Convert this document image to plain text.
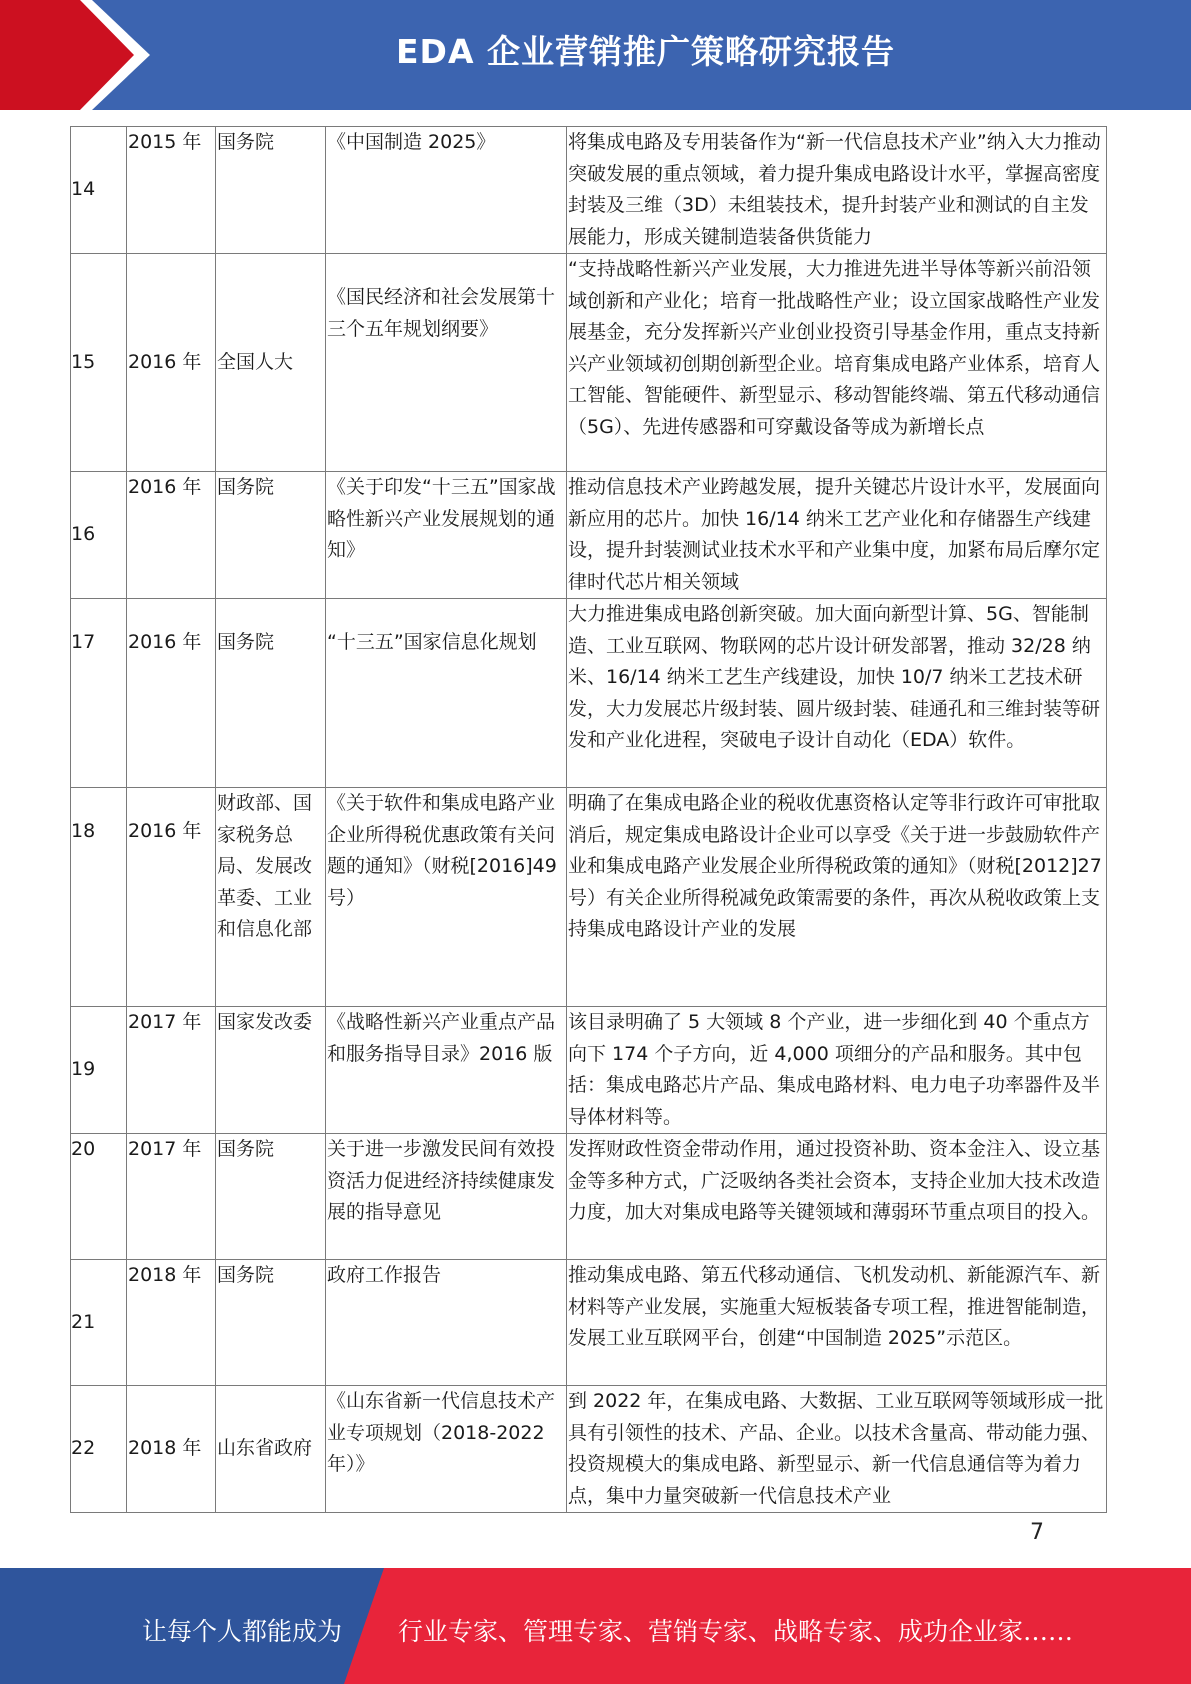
EDA 企业营销推广策略研究报告
14	2015 年	国务院	《中国制造 2025》	将集成电路及专用装备作为“新一代信息技术产业”纳入大力推动突破发展的重点领域，着力提升集成电路设计水平，掌握高密度封装及三维（3D）未组装技术，提升封装产业和测试的自主发展能力，形成关键制造装备供货能力
15	2016 年	全国人大	《国民经济和社会发展第十三个五年规划纲要》	“支持战略性新兴产业发展，大力推进先进半导体等新兴前沿领域创新和产业化；培育一批战略性产业；设立国家战略性产业发展基金，充分发挥新兴产业创业投资引导基金作用，重点支持新兴产业领域初创期创新型企业。培育集成电路产业体系，培育人工智能、智能硬件、新型显示、移动智能终端、第五代移动通信（5G）、先进传感器和可穿戴设备等成为新增长点
16	2016 年	国务院	《关于印发“十三五”国家战略性新兴产业发展规划的通知》	推动信息技术产业跨越发展，提升关键芯片设计水平，发展面向新应用的芯片。加快 16/14 纳米工艺产业化和存储器生产线建设，提升封装测试业技术水平和产业集中度，加紧布局后摩尔定律时代芯片相关领域
17	2016 年	国务院	“十三五”国家信息化规划	大力推进集成电路创新突破。加大面向新型计算、5G、智能制造、工业互联网、物联网的芯片设计研发部署，推动 32/28 纳米、16/14 纳米工艺生产线建设，加快 10/7 纳米工艺技术研发，大力发展芯片级封装、圆片级封装、硅通孔和三维封装等研发和产业化进程，突破电子设计自动化（EDA）软件。
18	2016 年	财政部、国家税务总局、发展改革委、工业和信息化部	《关于软件和集成电路产业企业所得税优惠政策有关问题的通知》（财税[2016]49 号）	明确了在集成电路企业的税收优惠资格认定等非行政许可审批取消后，规定集成电路设计企业可以享受《关于进一步鼓励软件产业和集成电路产业发展企业所得税政策的通知》（财税[2012]27 号）有关企业所得税减免政策需要的条件，再次从税收政策上支持集成电路设计产业的发展
19	2017 年	国家发改委	《战略性新兴产业重点产品和服务指导目录》2016 版	该目录明确了 5 大领域 8 个产业，进一步细化到 40 个重点方向下 174 个子方向，近 4,000 项细分的产品和服务。其中包括：集成电路芯片产品、集成电路材料、电力电子功率器件及半导体材料等。
20	2017 年	国务院	关于进一步激发民间有效投资活力促进经济持续健康发展的指导意见	发挥财政性资金带动作用，通过投资补助、资本金注入、设立基金等多种方式，广泛吸纳各类社会资本，支持企业加大技术改造力度，加大对集成电路等关键领域和薄弱环节重点项目的投入。
21	2018 年	国务院	政府工作报告	推动集成电路、第五代移动通信、飞机发动机、新能源汽车、新材料等产业发展，实施重大短板装备专项工程，推进智能制造，发展工业互联网平台，创建“中国制造 2025”示范区。
22	2018 年	山东省政府	《山东省新一代信息技术产业专项规划（2018-2022 年）》	到 2022 年，在集成电路、大数据、工业互联网等领域形成一批具有引领性的技术、产品、企业。以技术含量高、带动能力强、投资规模大的集成电路、新型显示、新一代信息通信等为着力点，集中力量突破新一代信息技术产业
7
让每个人都能成为 行业专家、管理专家、营销专家、战略专家、成功企业家……
